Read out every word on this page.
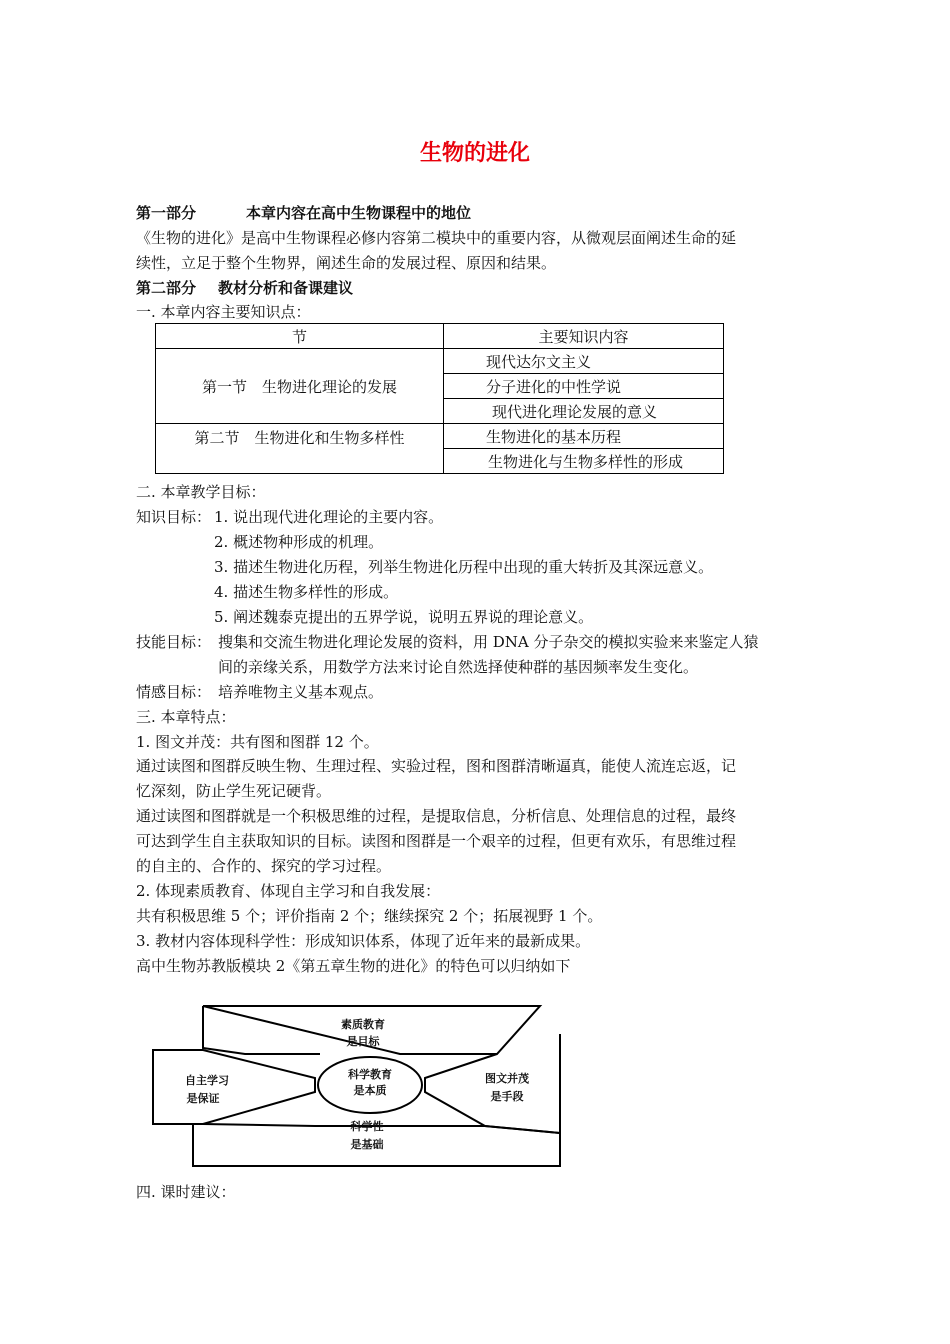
生物的进化
第一部分	本章内容在高中生物课程中的地位
《生物的进化》是高中生物课程必修内容第二模块中的重要内容，从微观层面阐述生命的延
续性，立足于整个生物界，阐述生命的发展过程、原因和结果。
第二部分 教材分析和备课建议
一. 本章内容主要知识点：
节	主要知识内容
第一节　生物进化理论的发展	现代达尔文主义
	分子进化的中性学说
	现代进化理论发展的意义
第二节　生物进化和生物多样性	生物进化的基本历程
	生物进化与生物多样性的形成
二. 本章教学目标：
知识目标： 1. 说出现代进化理论的主要内容。
2. 概述物种形成的机理。
3. 描述生物进化历程，列举生物进化历程中出现的重大转折及其深远意义。
4. 描述生物多样性的形成。
5. 阐述魏泰克提出的五界学说，说明五界说的理论意义。
技能目标： 搜集和交流生物进化理论发展的资料，用 DNA 分子杂交的模拟实验来来鉴定人猿
间的亲缘关系，用数学方法来讨论自然选择使种群的基因频率发生变化。
情感目标： 培养唯物主义基本观点。
三. 本章特点：
1. 图文并茂：共有图和图群 12 个。
通过读图和图群反映生物、生理过程、实验过程，图和图群清晰逼真，能使人流连忘返，记
忆深刻，防止学生死记硬背。
通过读图和图群就是一个积极思维的过程，是提取信息，分析信息、处理信息的过程，最终
可达到学生自主获取知识的目标。读图和图群是一个艰辛的过程，但更有欢乐，有思维过程
的自主的、合作的、探究的学习过程。
2. 体现素质教育、体现自主学习和自我发展：
共有积极思维 5 个；评价指南 2 个；继续探究 2 个；拓展视野 1 个。
3. 教材内容体现科学性：形成知识体系，体现了近年来的最新成果。
高中生物苏教版模块 2《第五章生物的进化》的特色可以归纳如下
素质教育
是目标
科学教育
是本质
自主学习
是保证
图文并茂
是手段
科学性
是基础
四. 课时建议：
